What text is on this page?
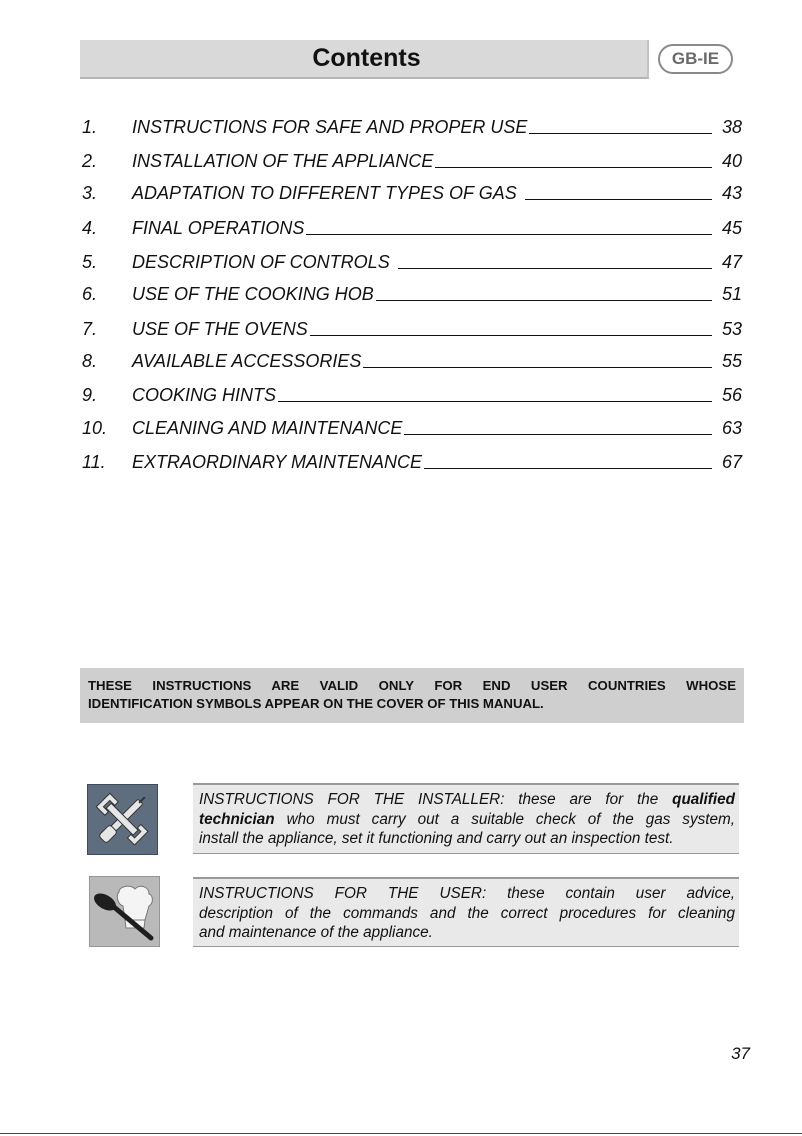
Contents	GB-IE
1.	INSTRUCTIONS FOR SAFE AND PROPER USE	38
2.	INSTALLATION OF THE APPLIANCE	40
3.	ADAPTATION TO DIFFERENT TYPES OF GAS	43
4.	FINAL OPERATIONS	45
5.	DESCRIPTION OF CONTROLS	47
6.	USE OF THE COOKING HOB	51
7.	USE OF THE OVENS	53
8.	AVAILABLE ACCESSORIES	55
9.	COOKING HINTS	56
10.	CLEANING AND MAINTENANCE	63
11.	EXTRAORDINARY MAINTENANCE	67
THESE INSTRUCTIONS ARE VALID ONLY FOR END USER COUNTRIES WHOSE
IDENTIFICATION SYMBOLS APPEAR ON THE COVER OF THIS MANUAL.
INSTRUCTIONS FOR THE INSTALLER: these are for the qualified
technician who must carry out a suitable check of the gas system,
install the appliance, set it functioning and carry out an inspection test.
INSTRUCTIONS FOR THE USER: these contain user advice,
description of the commands and the correct procedures for cleaning
and maintenance of the appliance.
37
